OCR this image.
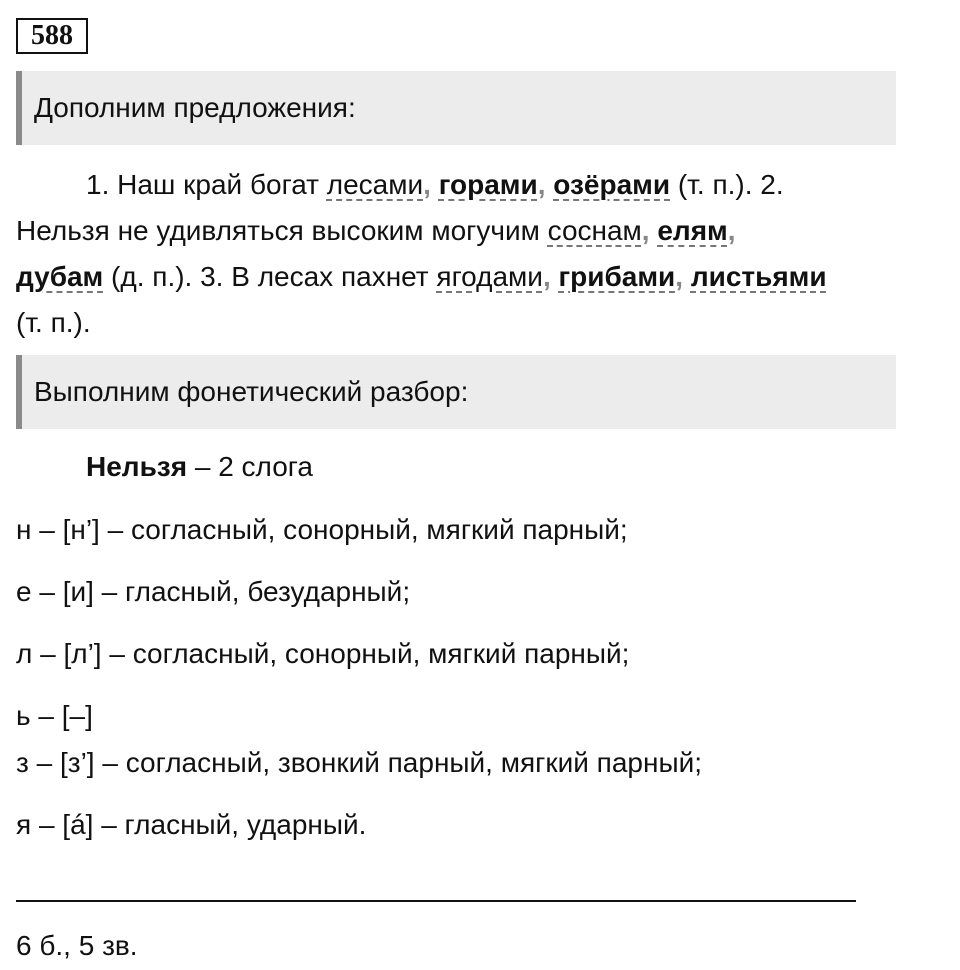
588
Дополним предложения:
1. Наш край богат лесами, горами, озёрами (т. п.). 2.
Нельзя не удивляться высоким могучим соснам, елям,
дубам (д. п.). 3. В лесах пахнет ягодами, грибами, листьями
(т. п.).
Выполним фонетический разбор:
Нельзя – 2 слога
н – [н’] – согласный, сонорный, мягкий парный;
е – [и] – гласный, безударный;
л – [л’] – согласный, сонорный, мягкий парный;
ь – [–]
з – [з’] – согласный, звонкий парный, мягкий парный;
я – [á] – гласный, ударный.
6 б., 5 зв.
